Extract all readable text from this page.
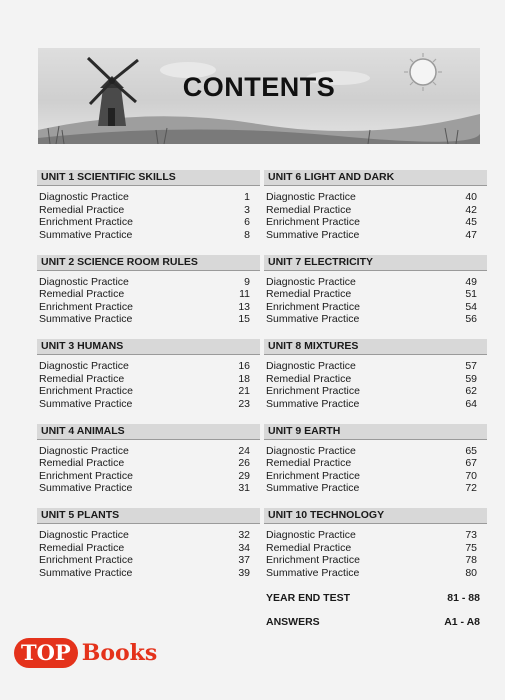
CONTENTS
UNIT 1 SCIENTIFIC SKILLS
Diagnostic Practice	1
Remedial Practice	3
Enrichment Practice	6
Summative Practice	8
UNIT 2 SCIENCE ROOM RULES
Diagnostic Practice	9
Remedial Practice	11
Enrichment Practice	13
Summative Practice	15
UNIT 3 HUMANS
Diagnostic Practice	16
Remedial Practice	18
Enrichment Practice	21
Summative Practice	23
UNIT 4 ANIMALS
Diagnostic Practice	24
Remedial Practice	26
Enrichment Practice	29
Summative Practice	31
UNIT 5 PLANTS
Diagnostic Practice	32
Remedial Practice	34
Enrichment Practice	37
Summative Practice	39
UNIT 6 LIGHT AND DARK
Diagnostic Practice	40
Remedial Practice	42
Enrichment Practice	45
Summative Practice	47
UNIT 7 ELECTRICITY
Diagnostic Practice	49
Remedial Practice	51
Enrichment Practice	54
Summative Practice	56
UNIT 8 MIXTURES
Diagnostic Practice	57
Remedial Practice	59
Enrichment Practice	62
Summative Practice	64
UNIT 9 EARTH
Diagnostic Practice	65
Remedial Practice	67
Enrichment Practice	70
Summative Practice	72
UNIT 10 TECHNOLOGY
Diagnostic Practice	73
Remedial Practice	75
Enrichment Practice	78
Summative Practice	80
YEAR END TEST	81 - 88
ANSWERS	A1 - A8
TOP Books
